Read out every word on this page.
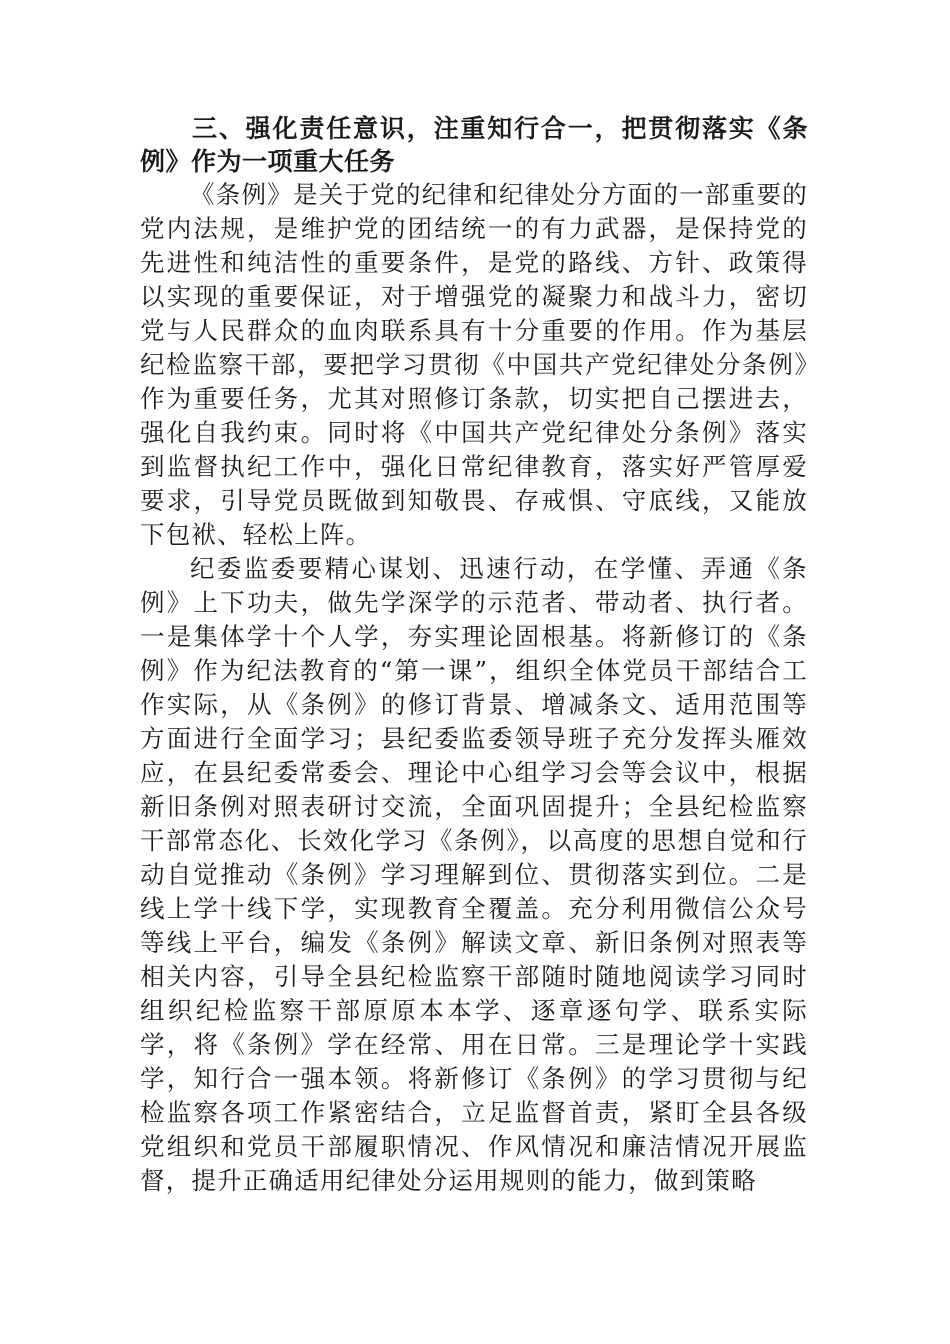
三、强化责任意识，注重知行合一，把贯彻落实《条例》作为一项重大任务

《条例》是关于党的纪律和纪律处分方面的一部重要的党内法规，是维护党的团结统一的有力武器，是保持党的先进性和纯洁性的重要条件，是党的路线、方针、政策得以实现的重要保证，对于增强党的凝聚力和战斗力，密切党与人民群众的血肉联系具有十分重要的作用。作为基层纪检监察干部，要把学习贯彻《中国共产党纪律处分条例》作为重要任务，尤其对照修订条款，切实把自己摆进去，强化自我约束。同时将《中国共产党纪律处分条例》落实到监督执纪工作中，强化日常纪律教育，落实好严管厚爱要求，引导党员既做到知敬畏、存戒惧、守底线，又能放下包袱、轻松上阵。

纪委监委要精心谋划、迅速行动，在学懂、弄通《条例》上下功夫，做先学深学的示范者、带动者、执行者。一是集体学十个人学，夯实理论固根基。将新修订的《条例》作为纪法教育的“第一课”，组织全体党员干部结合工作实际，从《条例》的修订背景、增减条文、适用范围等方面进行全面学习；县纪委监委领导班子充分发挥头雁效应，在县纪委常委会、理论中心组学习会等会议中，根据新旧条例对照表研讨交流，全面巩固提升；全县纪检监察干部常态化、长效化学习《条例》，以高度的思想自觉和行动自觉推动《条例》学习理解到位、贯彻落实到位。二是线上学十线下学，实现教育全覆盖。充分利用微信公众号等线上平台，编发《条例》解读文章、新旧条例对照表等相关内容，引导全县纪检监察干部随时随地阅读学习同时组织纪检监察干部原原本本学、逐章逐句学、联系实际学，将《条例》学在经常、用在日常。三是理论学十实践学，知行合一强本领。将新修订《条例》的学习贯彻与纪检监察各项工作紧密结合，立足监督首责，紧盯全县各级党组织和党员干部履职情况、作风情况和廉洁情况开展监督，提升正确适用纪律处分运用规则的能力，做到策略
